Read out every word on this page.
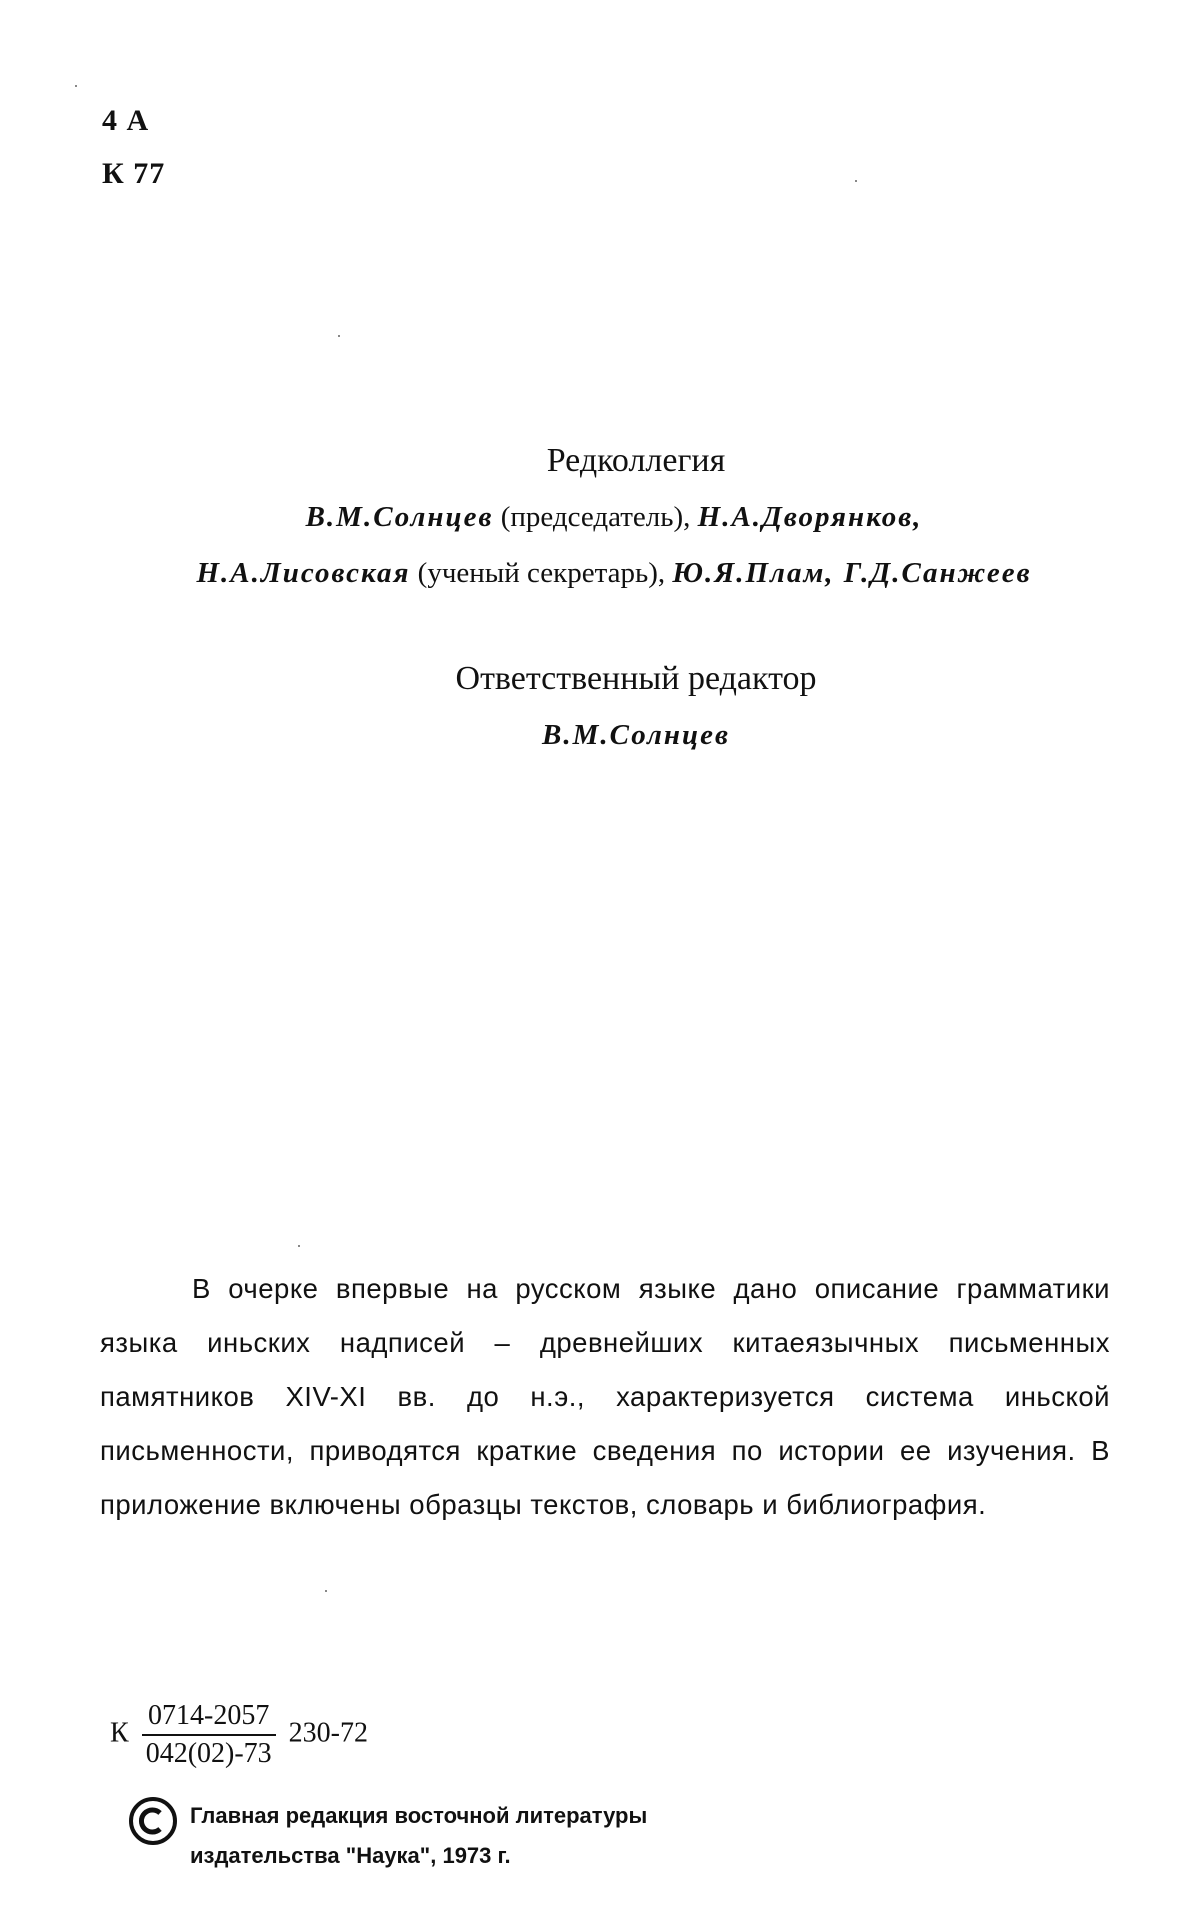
4 А
К 77
Редколлегия
В.М.Солнцев (председатель), Н.А.Дворянков,
Н.А.Лисовская (ученый секретарь), Ю.Я.Плам, Г.Д.Санжеев
Ответственный редактор
В.М.Солнцев
В очерке впервые на русском языке дано описание грамматики языка иньских надписей – древнейших китаеязычных письменных памятников XIV-XI вв. до н.э., характеризуется система иньской письменности, приводятся краткие сведения по истории ее изучения. В приложение включены образцы текстов, словарь и библиография.
К $\frac{0714-2057}{042(02)-73} 230-72$
Главная редакция восточной литературы
издательства "Наука", 1973 г.
